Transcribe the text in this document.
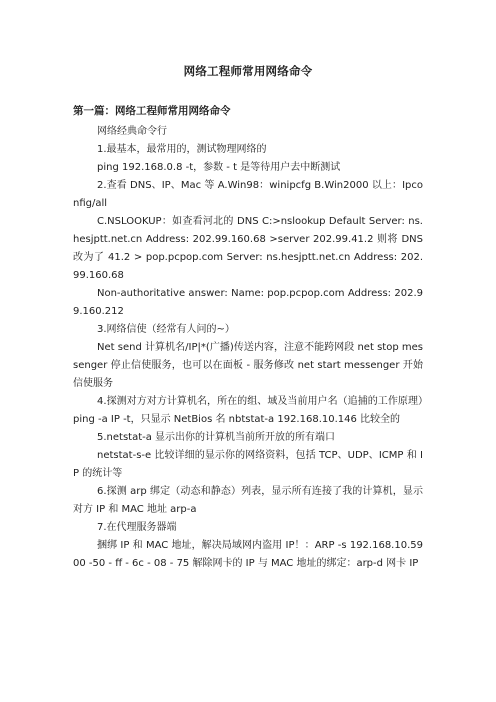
网络工程师常用网络命令
第一篇：网络工程师常用网络命令

网络经典命令行

1.最基本，最常用的，测试物理网络的

ping 192.168.0.8 -t，参数 - t 是等待用户去中断测试

2.查看 DNS、IP、Mac 等 A.Win98：winipcfg B.Win2000 以上：Ipconfig/all

C.NSLOOKUP：如查看河北的 DNS C:>nslookup Default Server: ns.hesjptt.net.cn Address: 202.99.160.68 >server 202.99.41.2 则将 DNS 改为了 41.2 > pop.pcpop.com Server: ns.hesjptt.net.cn Address: 202.99.160.68

Non-authoritative answer: Name: pop.pcpop.com Address: 202.99.160.212

3.网络信使（经常有人问的~）

Net send 计算机名/IP|*(广播)传送内容，注意不能跨网段 net stop messenger 停止信使服务，也可以在面板 - 服务修改 net start messenger 开始信使服务

4.探测对方对方计算机名，所在的组、域及当前用户名（追捕的工作原理）ping -a IP -t，只显示 NetBios 名 nbtstat-a 192.168.10.146 比较全的

5.netstat-a 显示出你的计算机当前所开放的所有端口

netstat-s-e 比较详细的显示你的网络资料，包括 TCP、UDP、ICMP 和 IP 的统计等

6.探测 arp 绑定（动态和静态）列表，显示所有连接了我的计算机，显示对方 IP 和 MAC 地址 arp-a

7.在代理服务器端

捆绑 IP 和 MAC 地址，解决局域网内盗用 IP！：ARP -s 192.168.10.59 00 -50 - ff - 6c - 08 - 75 解除网卡的 IP 与 MAC 地址的绑定：arp-d 网卡 IP
